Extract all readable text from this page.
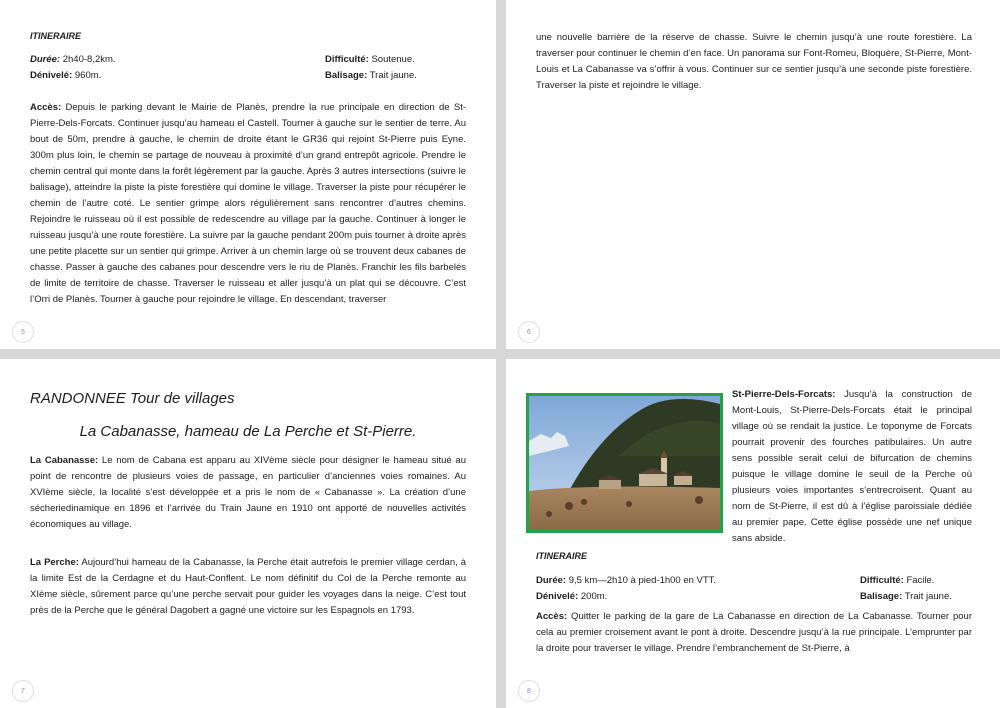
ITINERAIRE
Durée: 2h40-8,2km.
Dénivelé: 960m.
Difficulté: Soutenue.
Balisage: Trait jaune.
Accès: Depuis le parking devant le Mairie de Planès, prendre la rue principale en direction de St-Pierre-Dels-Forcats. Continuer jusqu’au hameau el Castell. Tourner à gauche sur le sentier de terre. Au bout de 50m, prendre à gauche, le chemin de droite étant le GR36 qui rejoint St-Pierre puis Eyne. 300m plus loin, le chemin se partage de nouveau à proximité d’un grand entrepôt agricole. Prendre le chemin central qui monte dans la forêt légèrement par la gauche. Après 3 autres intersections (suivre le balisage), atteindre la piste la piste forestière qui domine le village. Traverser la piste pour récupérer le chemin de l’autre coté. Le sentier grimpe alors régulièrement sans rencontrer d’autres chemins. Rejoindre le ruisseau où il est possible de redescendre au village par la gauche. Continuer à longer le ruisseau jusqu’à une route forestière. La suivre par la gauche pendant 200m puis tourner à droite après une petite placette sur un sentier qui grimpe. Arriver à un chemin large où se trouvent deux cabanes de chasse. Passer à gauche des cabanes pour descendre vers le riu de Planès. Franchir les fils barbelés de limite de territoire de chasse. Traverser le ruisseau et aller jusqu’à un plat qui se découvre. C’est l’Orri de Planès. Tourner à gauche pour rejoindre le village. En descendant, traverser
5
une nouvelle barrière de la réserve de chasse. Suivre le chemin jusqu’à une route forestière. La traverser pour continuer le chemin d’en face. Un panorama sur Font-Romeu, Bloquère, St-Pierre, Mont-Louis et La Cabanasse va s’offrir à vous. Continuer sur ce sentier jusqu’à une seconde piste forestière. Traverser la piste et rejoindre le village.
6
RANDONNEE Tour de villages
La Cabanasse, hameau de La Perche et St-Pierre.
La Cabanasse: Le nom de Cabana est apparu au XIVème siècle pour désigner le hameau situé au point de rencontre de plusieurs voies de passage, en particulier d’anciennes voies romaines. Au XVIème siècle, la localité s’est développée et a pris le nom de « Cabanasse ». La création d’une sécheriedinamique en 1896 et l’arrivée du Train Jaune en 1910 ont apporté de nouvelles activités économiques au village.
La Perche: Aujourd’hui hameau de la Cabanasse, la Perche était autrefois le premier village cerdan, à la limite Est de la Cerdagne et du Haut-Conflent. Le nom définitif du Col de la Perche remonte au XIème siècle, sûrement parce qu’une perche servait pour guider les voyages dans la neige. C’est tout près de la Perche que le général Dagobert a gagné une victoire sur les Espagnols en 1793.
7
St-Pierre-Dels-Forcats: Jusqu’à la construction de Mont-Louis, St-Pierre-Dels-Forcats était le principal village où se rendait la justice. Le toponyme de Forcats pourrait provenir des fourches patibulaires. Un autre sens possible serait celui de bifurcation de chemins puisque le village domine le seuil de la Perche où plusieurs voies importantes s’entrecroisent. Quant au nom de St-Pierre, il est dû à l’église paroissiale dédiée au premier pape. Cette église possède une nef unique sans abside.
ITINERAIRE
Durée: 9,5 km—2h10 à pied-1h00 en VTT.
Dénivelé: 200m.
Difficulté: Facile.
Balisage: Trait jaune.
Accès: Quitter le parking de la gare de La Cabanasse en direction de La Cabanasse. Tourner pour cela au premier croisement avant le pont à droite. Descendre jusqu’à la rue principale. L’emprunter par la droite pour traverser le village. Prendre l’embranchement de St-Pierre, à
8
